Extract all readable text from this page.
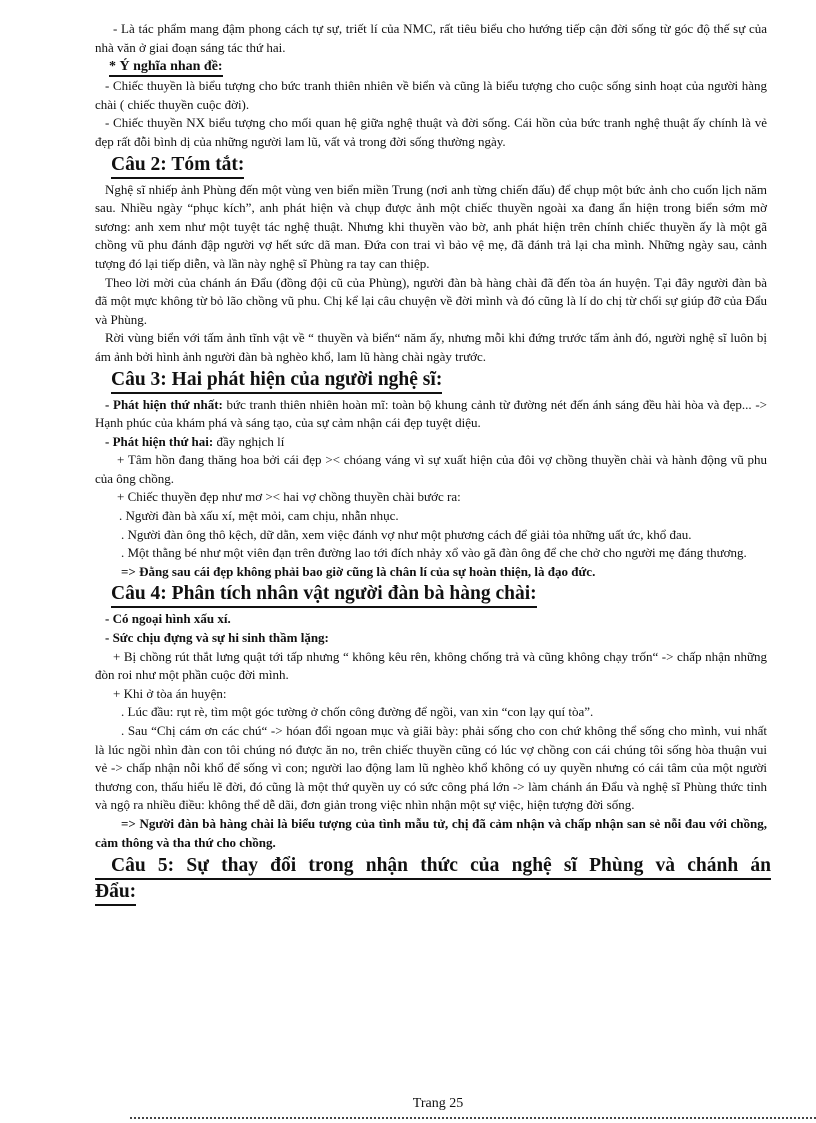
- Là tác phẩm mang đậm phong cách tự sự, triết lí của NMC, rất tiêu biểu cho hướng tiếp cận đời sống từ góc độ thế sự của nhà văn ở giai đoạn sáng tác thứ hai.

* Ý nghĩa nhan đề:

- Chiếc thuyền là biểu tượng cho bức tranh thiên nhiên về biển và cũng là biểu tượng cho cuộc sống sinh hoạt của người hàng chài ( chiếc thuyền cuộc đời).

- Chiếc thuyền NX biểu tượng cho mối quan hệ giữa nghệ thuật và đời sống. Cái hồn của bức tranh nghệ thuật ấy chính là vẻ đẹp rất đỗi bình dị của những người lam lũ, vất vả trong đời sống thường ngày.

Câu 2: Tóm tắt:

Nghệ sĩ nhiếp ảnh Phùng đến một vùng ven biển miền Trung (nơi anh từng chiến đấu) để chụp một bức ảnh cho cuốn lịch năm sau. Nhiều ngày “phục kích”, anh phát hiện và chụp được ảnh một chiếc thuyền ngoài xa đang ẩn hiện trong biển sớm mờ sương: anh xem như một tuyệt tác nghệ thuật. Nhưng khi thuyền vào bờ, anh phát hiện trên chính chiếc thuyền ấy là một gã chồng vũ phu đánh đập người vợ hết sức dã man. Đứa con trai vì bảo vệ mẹ, đã đánh trả lại cha mình. Những ngày sau, cảnh tượng đó lại tiếp diễn, và lần này nghệ sĩ Phùng ra tay can thiệp.

Theo lời mời của chánh án Đẩu (đồng đội cũ của Phùng), người đàn bà hàng chài đã đến tòa án huyện. Tại đây người đàn bà đã một mực không từ bỏ lão chồng vũ phu. Chị kể lại câu chuyện về đời mình và đó cũng là lí do chị từ chối sự giúp đỡ của Đẩu và Phùng.

Rời vùng biển với tấm ảnh tĩnh vật về “ thuyền và biển“ năm ấy, nhưng mỗi khi đứng trước tấm ảnh đó, người nghệ sĩ luôn bị ám ảnh bởi hình ảnh người đàn bà nghèo khổ, lam lũ hàng chài ngày trước.

Câu 3: Hai phát hiện của người nghệ sĩ:

- Phát hiện thứ nhất: bức tranh thiên nhiên hoàn mĩ: toàn bộ khung cảnh từ đường nét đến ánh sáng đều hài hòa và đẹp... -> Hạnh phúc của khám phá và sáng tạo, của sự cảm nhận cái đẹp tuyệt diệu.

- Phát hiện thứ hai: đầy nghịch lí

+ Tâm hồn đang thăng hoa bởi cái đẹp >< chóang váng vì sự xuất hiện của đôi vợ chồng thuyền chài và hành động vũ phu của ông chồng.

+ Chiếc thuyền đẹp như mơ >< hai vợ chồng thuyền chài bước ra:

. Người đàn bà xấu xí, mệt mỏi, cam chịu, nhẫn nhục.

. Người đàn ông thô kệch, dữ dằn, xem việc đánh vợ như một phương cách để giải tỏa những uất ức, khổ đau.

. Một thằng bé như một viên đạn trên đường lao tới đích nhảy xổ vào gã đàn ông để che chở cho người mẹ đáng thương.

=> Đằng sau cái đẹp không phải bao giờ cũng là chân lí của sự hoàn thiện, là đạo đức.

Câu 4: Phân tích nhân vật người đàn bà hàng chài:

- Có ngoại hình xấu xí.

- Sức chịu đựng và sự hi sinh thầm lặng:

+ Bị chồng rút thắt lưng quật tới tấp nhưng “ không kêu rên, không chống trả và cũng không chạy trốn“ -> chấp nhận những đòn roi như một phần cuộc đời mình.

+ Khi ở tòa án huyện:

. Lúc đầu: rụt rè, tìm một góc tường ở chốn công đường để ngồi, van xin “con lạy quí tòa”.

. Sau “Chị cám ơn các chú“ -> hóan đổi ngoan mục và giãi bày: phải sống cho con chứ không thể sống cho mình, vui nhất là lúc ngồi nhìn đàn con tôi chúng nó được ăn no, trên chiếc thuyền cũng có lúc vợ chồng con cái chúng tôi sống hòa thuận vui vẻ -> chấp nhận nỗi khổ để sống vì con; người lao động lam lũ nghèo khổ không có uy quyền nhưng có cái tâm của một người thương con, thấu hiểu lẽ đời, đó cũng là một thứ quyền uy có sức công phá lớn -> làm chánh án Đẩu và nghệ sĩ Phùng thức tỉnh và ngộ ra nhiều điều: không thể dễ dãi, đơn giản trong việc nhìn nhận một sự việc, hiện tượng đời sống.

=> Người đàn bà hàng chài là biểu tượng của tình mẫu tử, chị đã cảm nhận và chấp nhận san sẻ nỗi đau với chồng, cảm thông và tha thứ cho chồng.

Câu 5: Sự thay đổi trong nhận thức của nghệ sĩ Phùng và chánh án
Đẩu:
Trang 25
